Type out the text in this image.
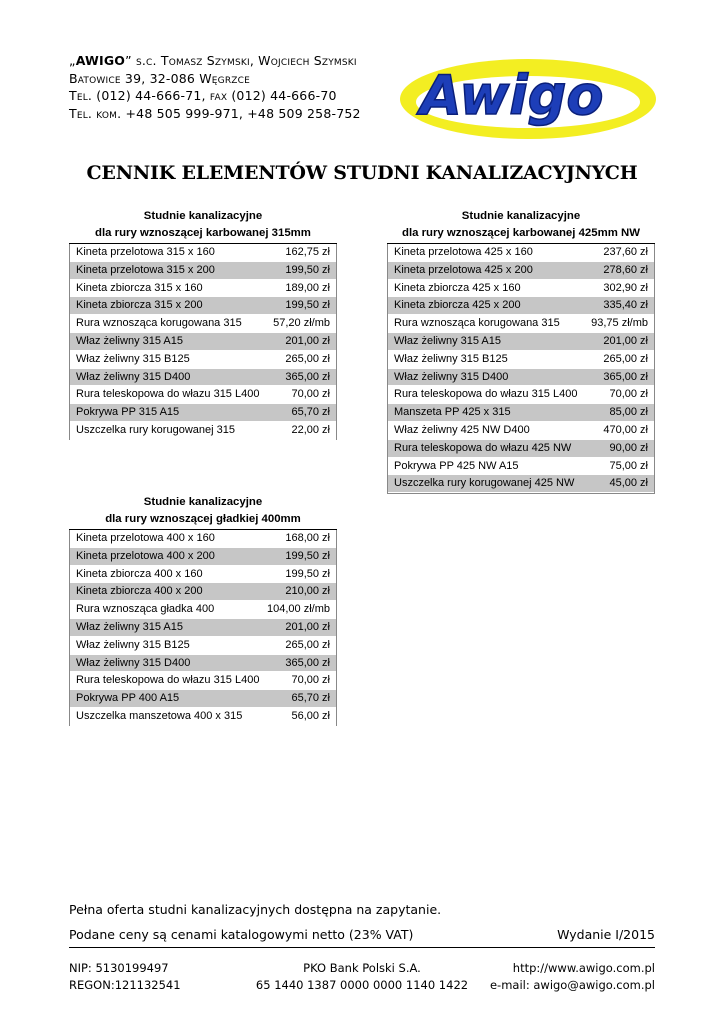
„AWIGO” s.c. Tomasz Szymski, Wojciech Szymski
Batowice 39, 32-086 Węgrzce
Tel. (012) 44-666-71, fax (012) 44-666-70
Tel. kom. +48 505 999-971, +48 509 258-752 Awigo
CENNIK ELEMENTÓW STUDNI KANALIZACYJNYCH
Studnie kanalizacyjne
dla rury wznoszącej karbowanej 315mm
Kineta przelotowa 315 x 160	162,75 zł
Kineta przelotowa 315 x 200	199,50 zł
Kineta zbiorcza 315 x 160	189,00 zł
Kineta zbiorcza 315 x 200	199,50 zł
Rura wznosząca korugowana 315	57,20 zł/mb
Właz żeliwny 315 A15	201,00 zł
Właz żeliwny 315 B125	265,00 zł
Właz żeliwny 315 D400	365,00 zł
Rura teleskopowa do włazu 315 L400	70,00 zł
Pokrywa PP 315 A15	65,70 zł
Uszczelka rury korugowanej 315	22,00 zł
Studnie kanalizacyjne
dla rury wznoszącej karbowanej 425mm NW
Kineta przelotowa 425 x 160	237,60 zł
Kineta przelotowa 425 x 200	278,60 zł
Kineta zbiorcza 425 x 160	302,90 zł
Kineta zbiorcza 425 x 200	335,40 zł
Rura wznosząca korugowana 315	93,75 zł/mb
Właz żeliwny 315 A15	201,00 zł
Właz żeliwny 315 B125	265,00 zł
Właz żeliwny 315 D400	365,00 zł
Rura teleskopowa do włazu 315 L400	70,00 zł
Manszeta PP 425 x 315	85,00 zł
Właz żeliwny 425 NW D400	470,00 zł
Rura teleskopowa do włazu 425 NW	90,00 zł
Pokrywa PP 425 NW A15	75,00 zł
Uszczelka rury korugowanej 425 NW	45,00 zł
Studnie kanalizacyjne
dla rury wznoszącej gładkiej 400mm
Kineta przelotowa 400 x 160	168,00 zł
Kineta przelotowa 400 x 200	199,50 zł
Kineta zbiorcza 400 x 160	199,50 zł
Kineta zbiorcza 400 x 200	210,00 zł
Rura wznosząca gładka 400	104,00 zł/mb
Właz żeliwny 315 A15	201,00 zł
Właz żeliwny 315 B125	265,00 zł
Właz żeliwny 315 D400	365,00 zł
Rura teleskopowa do włazu 315 L400	70,00 zł
Pokrywa PP 400 A15	65,70 zł
Uszczelka manszetowa 400 x 315	56,00 zł
Pełna oferta studni kanalizacyjnych dostępna na zapytanie.
Podane ceny są cenami katalogowymi netto (23% VAT)	Wydanie I/2015
NIP: 5130199497
REGON:121132541
PKO Bank Polski S.A.
65 1440 1387 0000 0000 1140 1422
http://www.awigo.com.pl
e-mail: awigo@awigo.com.pl
